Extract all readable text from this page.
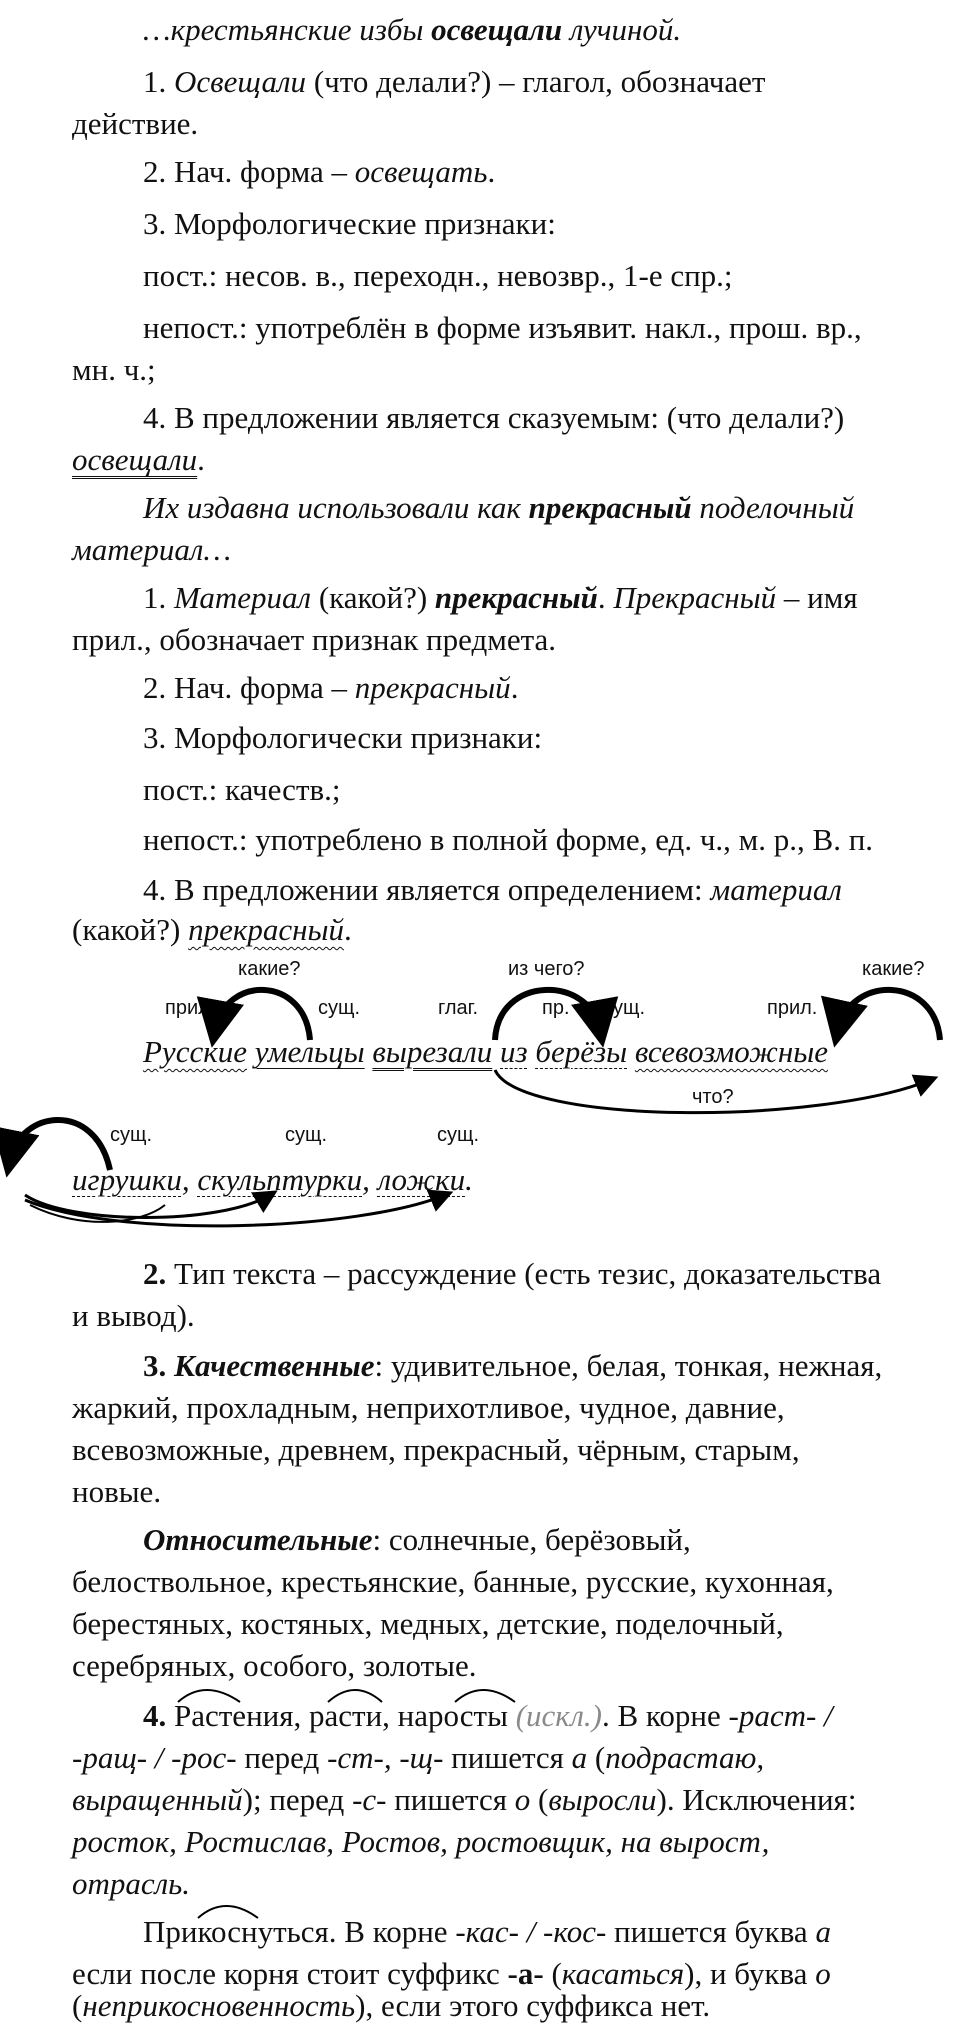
…крестьянские избы освещали лучиной.
1. Освещали (что делали?) – глагол, обозначает
действие.
2. Нач. форма – освещать.
3. Морфологические признаки:
пост.: несов. в., переходн., невозвр., 1-е спр.;
непост.: употреблён в форме изъявит. накл., прош. вр.,
мн. ч.;
4. В предложении является сказуемым: (что делали?)
освещали.
Их издавна использовали как прекрасный поделочный
материал…
1. Материал (какой?) прекрасный. Прекрасный – имя
прил., обозначает признак предмета.
2. Нач. форма – прекрасный.
3. Морфологически признаки:
пост.: качеств.;
непост.: употреблено в полной форме, ед. ч., м. р., В. п.
4. В предложении является определением: материал
(какой?) прекрасный.
какие?	из чего?	какие?
прил.	сущ.	глаг.	пр. сущ.	прил.
Русские умельцы вырезали из берёзы всевозможные
что?
сущ.	сущ.	сущ.
игрушки, скульптурки, ложки.
2. Тип текста – рассуждение (есть тезис, доказательства
и вывод).
3. Качественные: удивительное, белая, тонкая, нежная,
жаркий, прохладным, неприхотливое, чудное, давние,
всевозможные, древнем, прекрасный, чёрным, старым,
новые.
Относительные: солнечные, берёзовый,
белоствольное, крестьянские, банные, русские, кухонная,
берестяных, костяных, медных, детские, поделочный,
серебряных, особого, золотые.
4. Растения, расти, наросты (искл.). В корне -раст- /
-ращ- / -рос- перед -ст-, -щ- пишется а (подрастаю,
выращенный); перед -с- пишется о (выросли). Исключения:
росток, Ростислав, Ростов, ростовщик, на вырост,
отрасль.
Прикоснуться. В корне -кас- / -кос- пишется буква а
если после корня стоит суффикс -а- (касаться), и буква о
(неприкосновенность), если этого суффикса нет.
